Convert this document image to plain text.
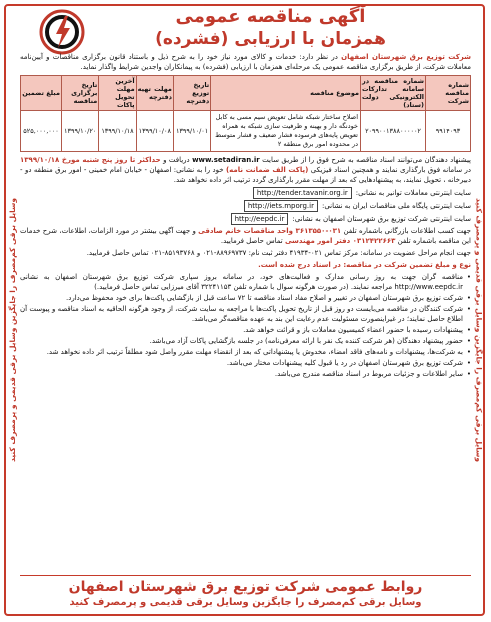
وسایل برقی کم‌مصرف را جایگزین وسایل برقی قدیمی و پرمصرف کنید	وسایل برقی کم‌مصرف را جایگزین وسایل برقی قدیمی و پرمصرف کنید
آگهی مناقصه عمومی
همزمان با ارزیابی (فشرده)

شرکت توزیع برق شهرستان اصفهان در نظر دارد: خدمات و کالای مورد نیاز خود را به شرح ذیل و باستناد قانون برگزاری مناقصات و آیین‌نامه معاملات شرکت، از طریق برگزاری مناقصه عمومی یک مرحله‌ای همزمان با ارزیابی (فشرده) به پیمانکاران واجدین شرایط واگذار نماید.

شماره مناقصه شرکت	شماره مناقصه در سامانه تدارکات الکترونیکی دولت (ستاد)	موضوع مناقصه	تاریخ توزیع دفترچه	مهلت تهیه دفترچه	آخرین مهلت تحویل پاکات	تاریخ برگزاری مناقصه	مبلغ تضمین
۹۹۱۴۰۹۳	۲۰۹۹۰۰۱۳۸۸۰۰۰۰۰۲	اصلاح ساختار شبکه شامل تعویض سیم مسی به کابل خودنگه دار و بهینه و ظرفیت سازی شبکه به همراه تعویض پایه‌های فرسوده فشار ضعیف و فشار متوسط در محدوده امور برق منطقه ۲	۱۳۹۹/۱۰/۰۱	۱۳۹۹/۱۰/۰۸	۱۳۹۹/۱۰/۱۸	۱۳۹۹/۱۰/۲۰	۵۲۵,۰۰۰,۰۰۰

پیشنهاد دهندگان می‌توانند اسناد مناقصه به شرح فوق را از طریق سایت www.setadiran.ir دریافت و حداکثر تا روز پنج شنبه مورخ ۱۳۹۹/۱۰/۱۸ در سامانه فوق بارگذاری نمایند و همچنین اسناد فیزیکی (پاکت الف ضمانت نامه) خود را به نشانی: اصفهان - خیابان امام خمینی - امور برق منطقه دو - دبیرخانه ، تحویل نمایند، به پیشنهادهایی که بعد از مهلت مقرر بارگذاری گردد ترتیب اثر داده نخواهد شد.

سایت اینترنتی معاملات توانیر به نشانی:
http://tender.tavanir.org.ir
سایت اینترنتی پایگاه ملی مناقصات ایران به نشانی:
http://iets.mporg.ir
سایت اینترنتی شرکت توزیع برق شهرستان اصفهان به نشانی:
http://eepdc.ir

جهت کسب اطلاعات بازرگانی باشماره تلفن ۰۳۱-۳۶۱۳۵۵۰ واحد مناقصات خانم صادقی و جهت آگهی بیشتر در مورد الزامات، اطلاعات، شرح خدمات این مناقصه باشماره تلفن ۰۳۱۲۴۲۲۶۶۳ دفتر امور مهندسی تماس حاصل فرمایید.

جهت انجام مراحل عضویت در سامانه: مرکز تماس ۰۲۱-۴۱۹۳۴ دفتر ثبت نام: ۸۸۹۶۹۷۳۷-۰۲۱ و ۸۵۱۹۳۷۶۸-۰۲۱ تماس حاصل فرمایید.

نوع و مبلغ تضمین شرکت در مناقصه: در اسناد درج شده است.

• مناقصه گران جهت به روز رسانی مدارک و فعالیت‌های خود، در سامانه بروز سپاری شرکت توزیع برق شهرستان اصفهان به نشانی http://www.eepdc.ir مراجعه نمایند. (در صورت هرگونه سوال با شماره تلفن ۳۲۲۴۱۱۵۳ آقای میرزایی تماس حاصل فرمایید.)
• شرکت توزیع برق شهرستان اصفهان در تغییر و اصلاح مفاد اسناد مناقصه تا ۷۲ ساعت قبل از بازگشایی پاکت‌ها برای خود محفوظ می‌دارد.
• شرکت کنندگان در مناقصه می‌بایست دو روز قبل از تاریخ تحویل پاکت‌ها با مراجعه به سایت شرکت، از وجود هرگونه الحاقیه به اسناد مناقصه و پیوست آن اطلاع حاصل نمایند؛ در غیراینصورت مسئولیت عدم رعایت این بند به عهده مناقصه‌گر می‌باشد.
• پیشنهادات رسیده با حضور اعضاء کمیسیون معاملات باز و قرائت خواهد شد.
• حضور پیشنهاد دهندگان (هر شرکت کننده یک نفر با ارائه معرفی‌نامه) در جلسه بازگشایی پاکات آزاد می‌باشد.
• به شرکت‌ها، پیشنهادات و نامه‌های فاقد امضاء، مخدوش یا پیشنهاداتی که بعد از انقضاء مهلت مقرر واصل شود مطلقاً ترتیب اثر داده نخواهد شد.
• شرکت توزیع برق شهرستان اصفهان در رد یا قبول کلیه پیشنهادات مختار می‌باشد.
• سایر اطلاعات و جزئیات مربوط در اسناد مناقصه مندرج می‌باشد.
روابط عمومی شرکت توزیع برق شهرستان اصفهان
وسایل برقی کم‌مصرف را جایگزین وسایل برقی قدیمی و پرمصرف کنید
